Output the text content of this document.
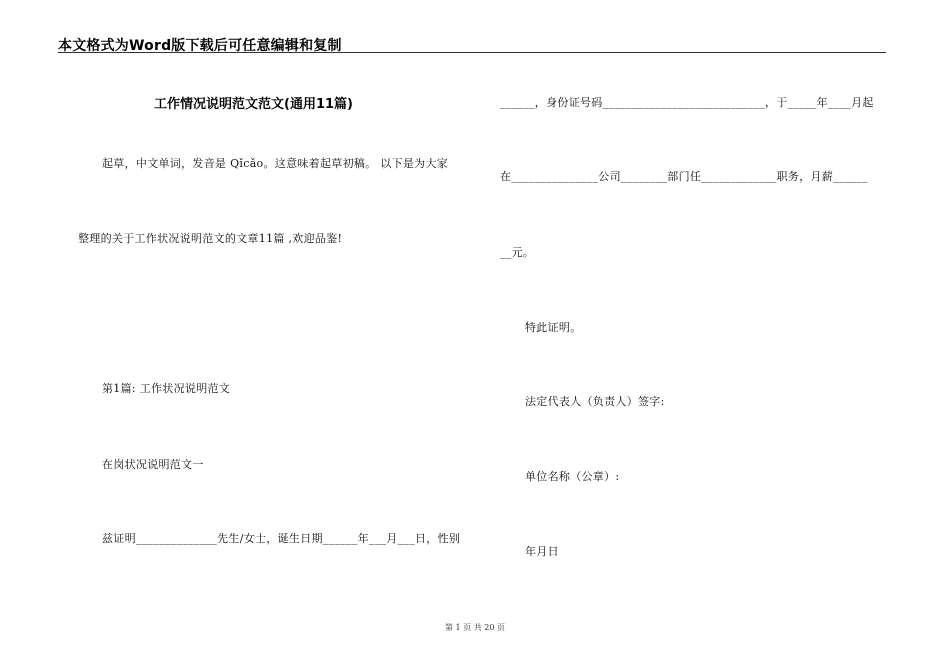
本文格式为Word版下载后可任意编辑和复制
工作情况说明范文范文(通用11篇)
起草，中文单词，发音是 Qǐcǎo。这意味着起草初稿。 以下是为大家
整理的关于工作状况说明范文的文章11篇 ,欢迎品鉴!
第1篇: 工作状况说明范文
在岗状况说明范文一
兹证明______________先生/女士，诞生日期______年___月___日，性别
______，身份证号码____________________________，于_____年____月起
在_______________公司________部门任_____________职务，月薪______
__元。
特此证明。
法定代表人（负责人）签字:
单位名称（公章）:
年月日
第 1 页 共 20 页
